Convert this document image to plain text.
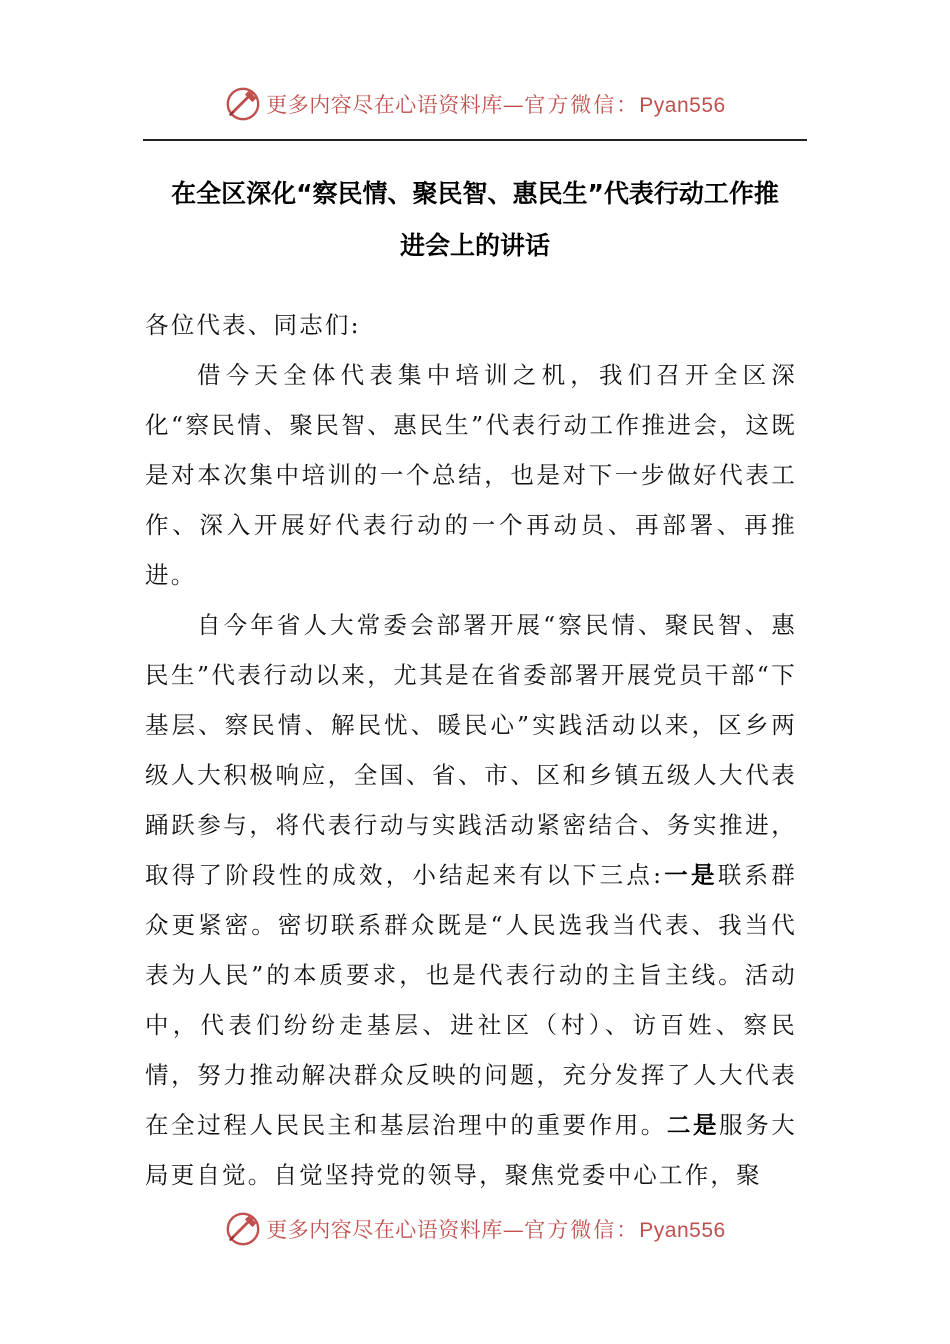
更多内容尽在心语资料库—官方微信：Pyan556
在全区深化“察民情、聚民智、惠民生”代表行动工作推
进会上的讲话

各位代表、同志们:

借今天全体代表集中培训之机，我们召开全区深化“察民情、聚民智、惠民生”代表行动工作推进会，这既是对本次集中培训的一个总结，也是对下一步做好代表工作、深入开展好代表行动的一个再动员、再部署、再推进。

自今年省人大常委会部署开展“察民情、聚民智、惠民生”代表行动以来，尤其是在省委部署开展党员干部“下基层、察民情、解民忧、暖民心”实践活动以来，区乡两级人大积极响应，全国、省、市、区和乡镇五级人大代表踊跃参与，将代表行动与实践活动紧密结合、务实推进，取得了阶段性的成效，小结起来有以下三点:一是联系群众更紧密。密切联系群众既是“人民选我当代表、我当代表为人民”的本质要求，也是代表行动的主旨主线。活动中，代表们纷纷走基层、进社区（村）、访百姓、察民情，努力推动解决群众反映的问题，充分发挥了人大代表在全过程人民民主和基层治理中的重要作用。二是服务大局更自觉。自觉坚持党的领导，聚焦党委中心工作，聚

更多内容尽在心语资料库—官方微信：Pyan556
